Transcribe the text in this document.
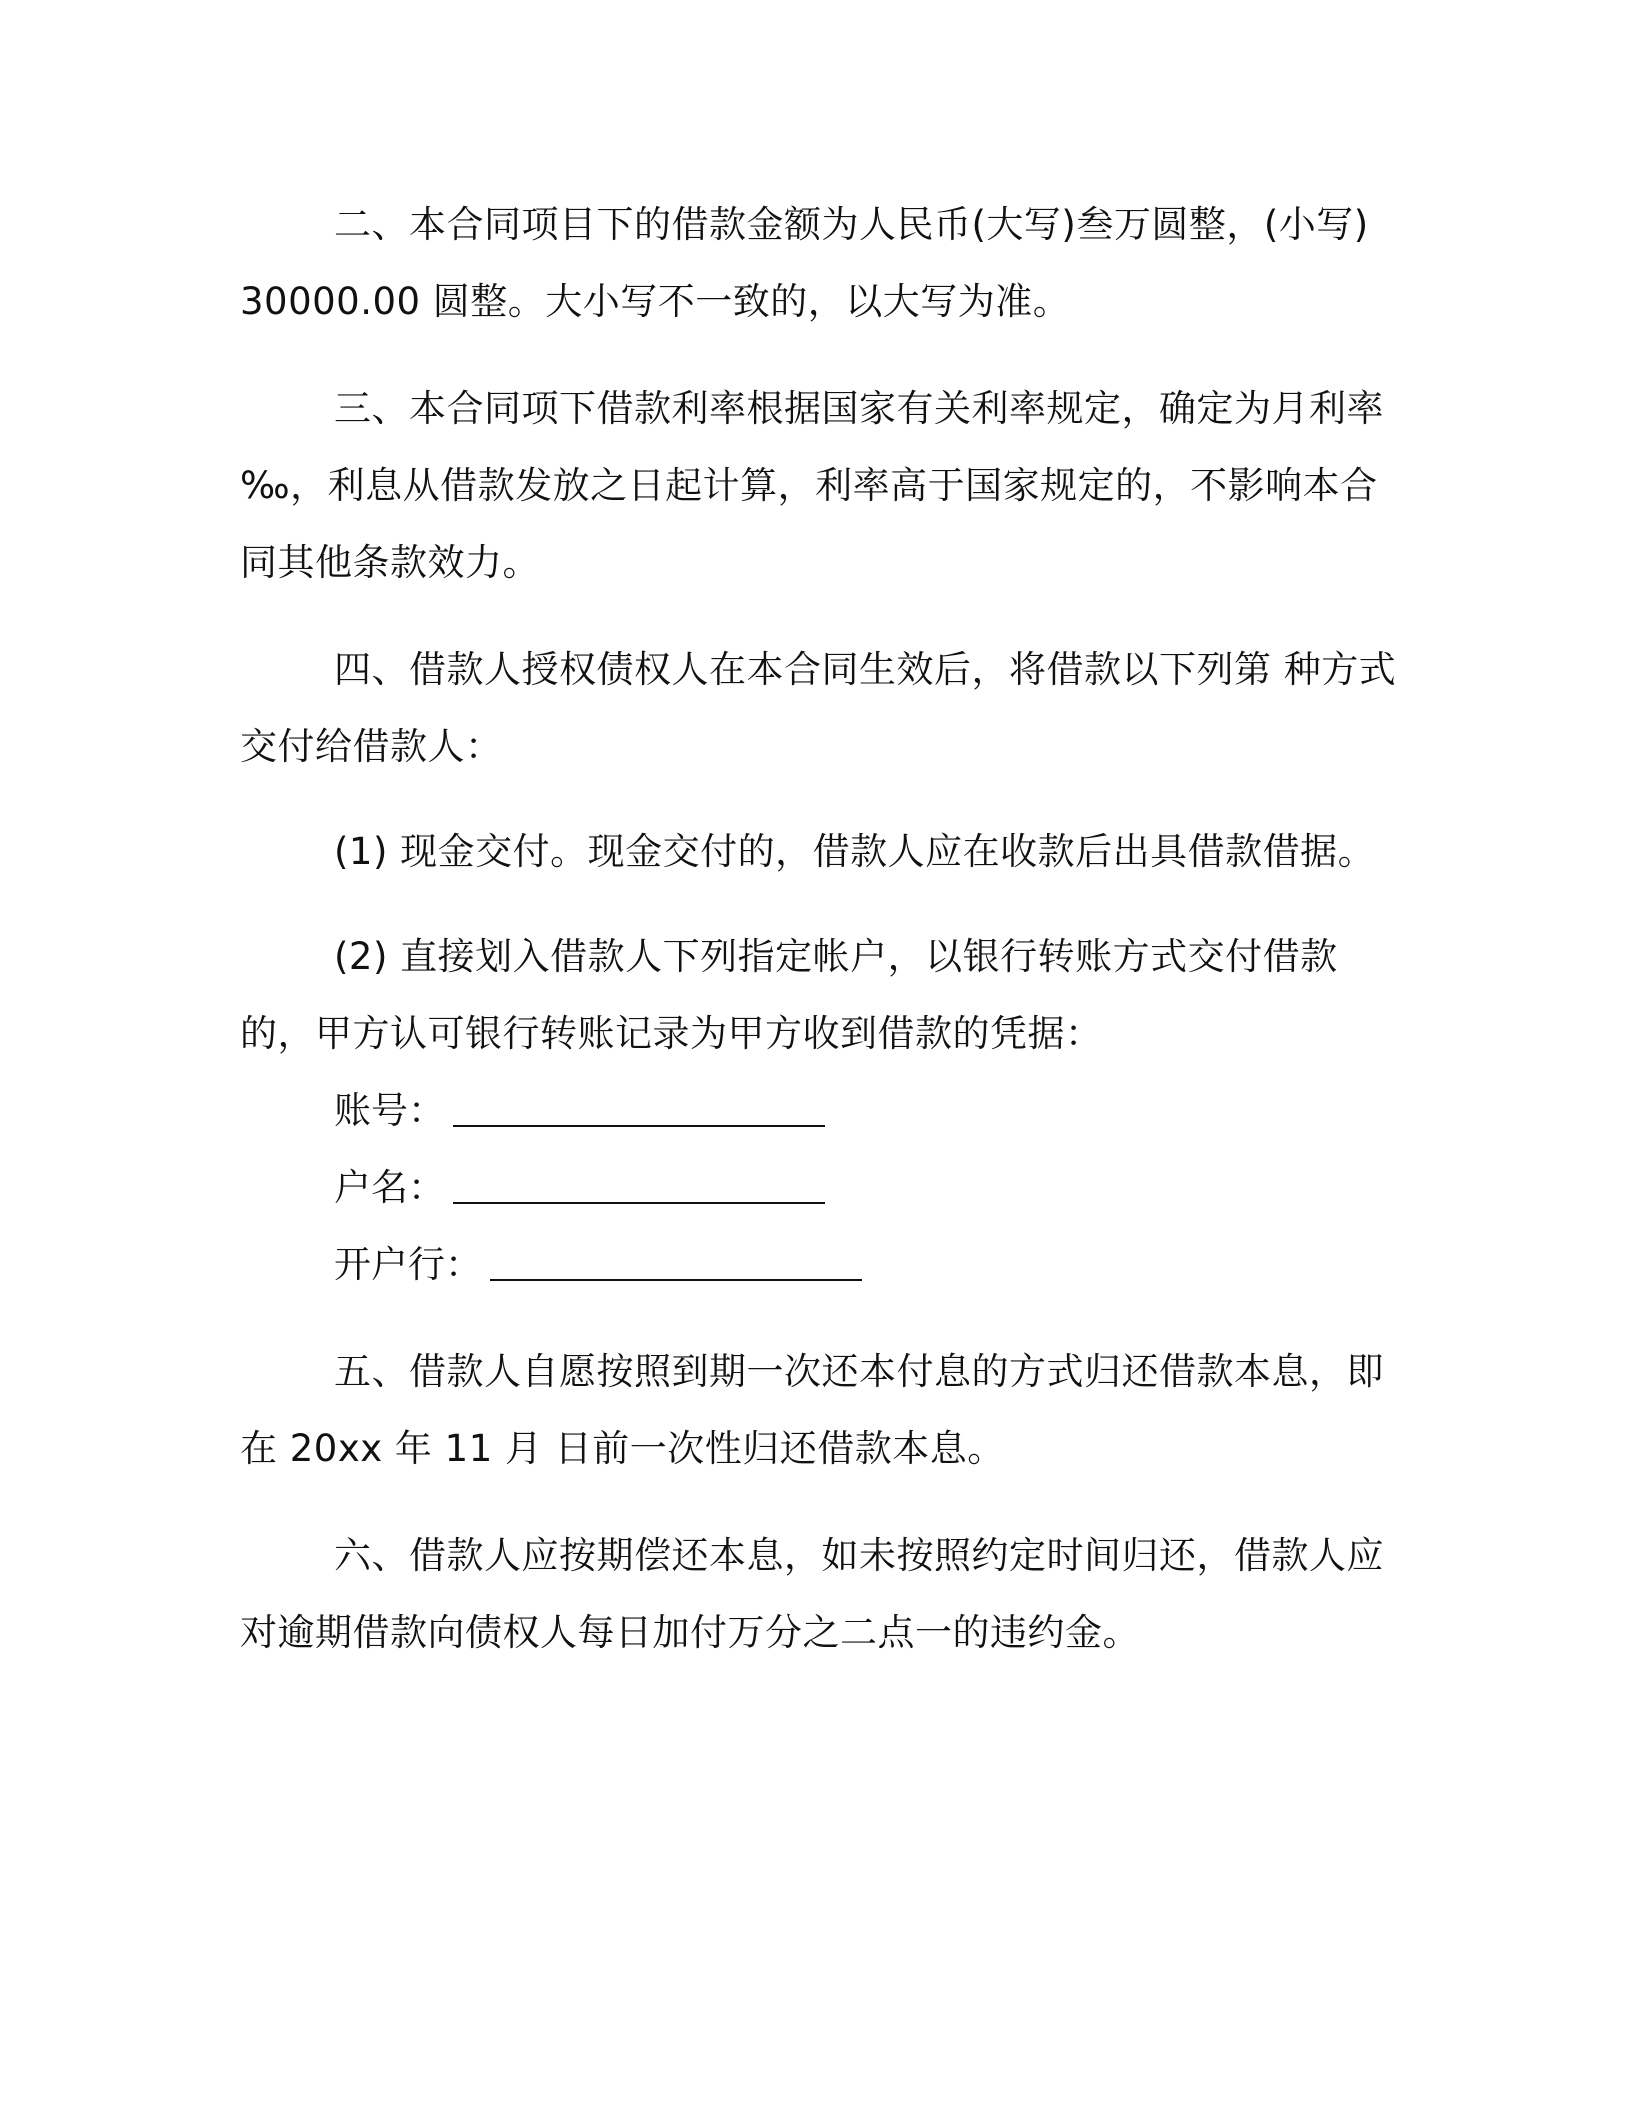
二、本合同项目下的借款金额为人民币(大写)叁万圆整，(小写) 30000.00 圆整。大小写不一致的，以大写为准。

三、本合同项下借款利率根据国家有关利率规定，确定为月利率 ‰，利息从借款发放之日起计算，利率高于国家规定的，不影响本合同其他条款效力。

四、借款人授权债权人在本合同生效后，将借款以下列第 种方式交付给借款人：

(1) 现金交付。现金交付的，借款人应在收款后出具借款借据。

(2) 直接划入借款人下列指定帐户，以银行转账方式交付借款的，甲方认可银行转账记录为甲方收到借款的凭据：

账号：
户名：
开户行：

五、借款人自愿按照到期一次还本付息的方式归还借款本息，即在 20xx 年 11 月 日前一次性归还借款本息。

六、借款人应按期偿还本息，如未按照约定时间归还，借款人应对逾期借款向债权人每日加付万分之二点一的违约金。
